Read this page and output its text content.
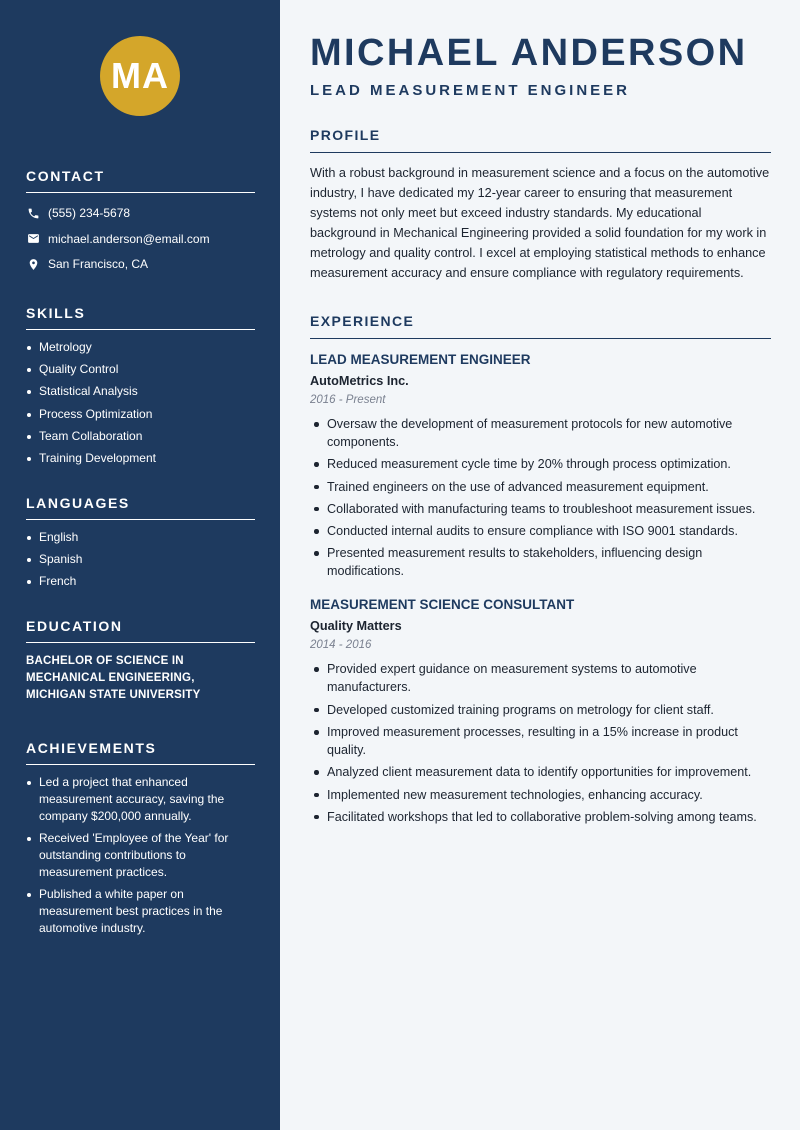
MA
CONTACT
(555) 234-5678
michael.anderson@email.com
San Francisco, CA
SKILLS
Metrology
Quality Control
Statistical Analysis
Process Optimization
Team Collaboration
Training Development
LANGUAGES
English
Spanish
French
EDUCATION

BACHELOR OF SCIENCE IN MECHANICAL ENGINEERING, MICHIGAN STATE UNIVERSITY

ACHIEVEMENTS
Led a project that enhanced measurement accuracy, saving the company $200,000 annually.
Received 'Employee of the Year' for outstanding contributions to measurement practices.
Published a white paper on measurement best practices in the automotive industry.
MICHAEL ANDERSON
LEAD MEASUREMENT ENGINEER
PROFILE

With a robust background in measurement science and a focus on the automotive industry, I have dedicated my 12-year career to ensuring that measurement systems not only meet but exceed industry standards. My educational background in Mechanical Engineering provided a solid foundation for my work in metrology and quality control. I excel at employing statistical methods to enhance measurement accuracy and ensure compliance with regulatory requirements.

EXPERIENCE
LEAD MEASUREMENT ENGINEER
AutoMetrics Inc.
2016 - Present
Oversaw the development of measurement protocols for new automotive components.
Reduced measurement cycle time by 20% through process optimization.
Trained engineers on the use of advanced measurement equipment.
Collaborated with manufacturing teams to troubleshoot measurement issues.
Conducted internal audits to ensure compliance with ISO 9001 standards.
Presented measurement results to stakeholders, influencing design modifications.
MEASUREMENT SCIENCE CONSULTANT
Quality Matters
2014 - 2016
Provided expert guidance on measurement systems to automotive manufacturers.
Developed customized training programs on metrology for client staff.
Improved measurement processes, resulting in a 15% increase in product quality.
Analyzed client measurement data to identify opportunities for improvement.
Implemented new measurement technologies, enhancing accuracy.
Facilitated workshops that led to collaborative problem-solving among teams.
